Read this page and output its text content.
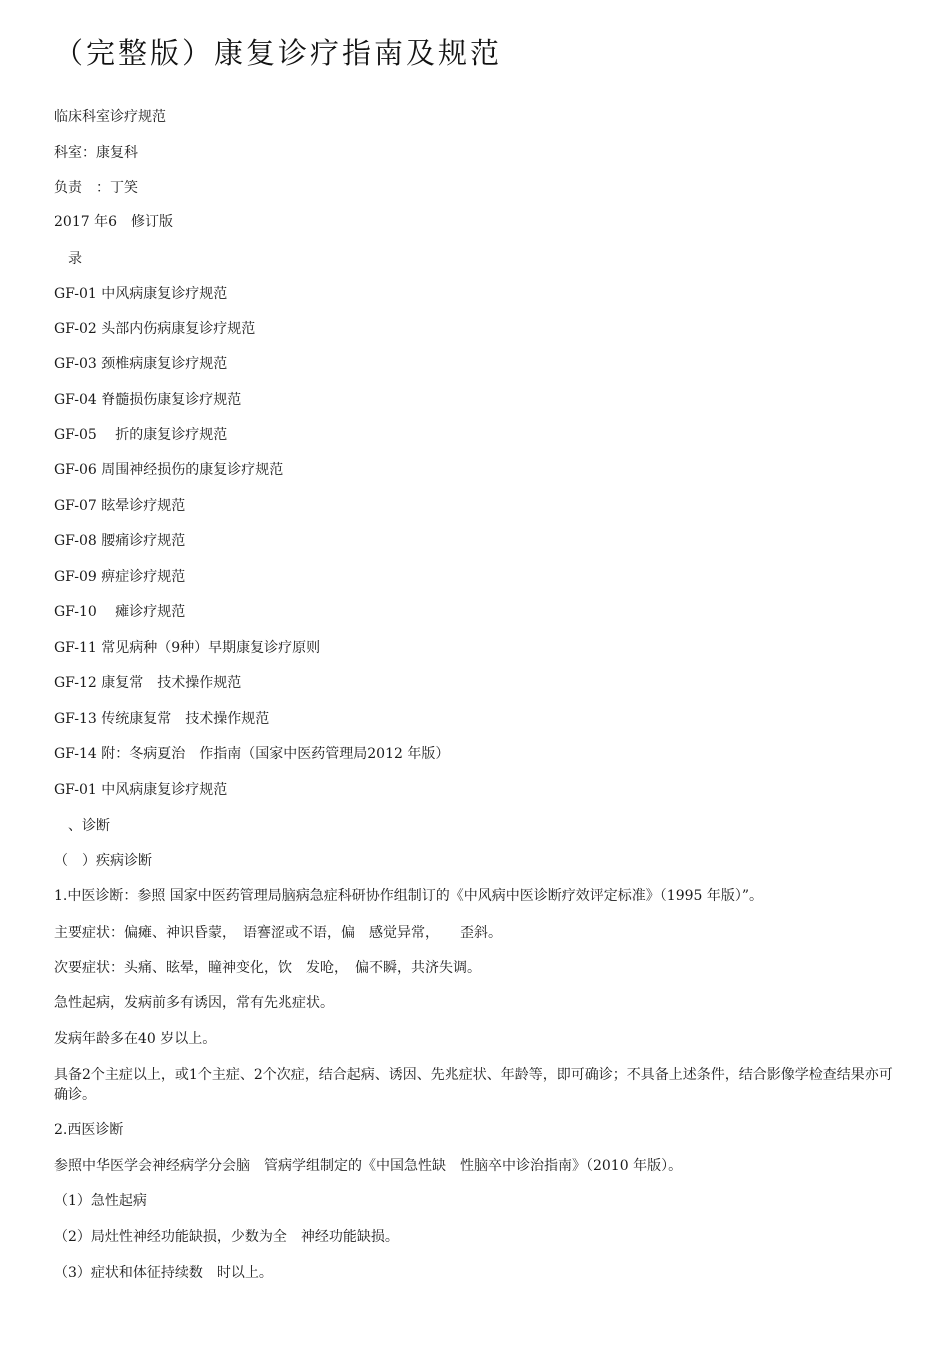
（完整版）康复诊疗指南及规范
临床科室诊疗规范
科室：康复科
负责　：丁笑
2017 年6　修订版
　录
GF-01 中风病康复诊疗规范
GF-02 头部内伤病康复诊疗规范
GF-03 颈椎病康复诊疗规范
GF-04 脊髓损伤康复诊疗规范
GF-05 　折的康复诊疗规范
GF-06 周围神经损伤的康复诊疗规范
GF-07 眩晕诊疗规范
GF-08 腰痛诊疗规范
GF-09 痹症诊疗规范
GF-10 　瘫诊疗规范
GF-11 常见病种（9种）早期康复诊疗原则
GF-12 康复常　技术操作规范
GF-13 传统康复常　技术操作规范
GF-14 附：冬病夏治　作指南（国家中医药管理局2012 年版）
GF-01 中风病康复诊疗规范
　、诊断
（　）疾病诊断
1.中医诊断：参照 国家中医药管理局脑病急症科研协作组制订的《中风病中医诊断疗效评定标准》（1995 年版）”。
主要症状：偏瘫、神识昏蒙，　语謇涩或不语，偏　感觉异常，　　歪斜。
次要症状：头痛、眩晕，瞳神变化，饮　发呛，　偏不瞬，共济失调。
急性起病，发病前多有诱因，常有先兆症状。
发病年龄多在40 岁以上。
具备2个主症以上，或1个主症、2个次症，结合起病、诱因、先兆症状、年龄等，即可确诊；不具备上述条件，结合影像学检查结果亦可确诊。
2.西医诊断
参照中华医学会神经病学分会脑　管病学组制定的《中国急性缺　性脑卒中诊治指南》（2010 年版）。
（1）急性起病
（2）局灶性神经功能缺损，少数为全　神经功能缺损。
（3）症状和体征持续数　时以上。
